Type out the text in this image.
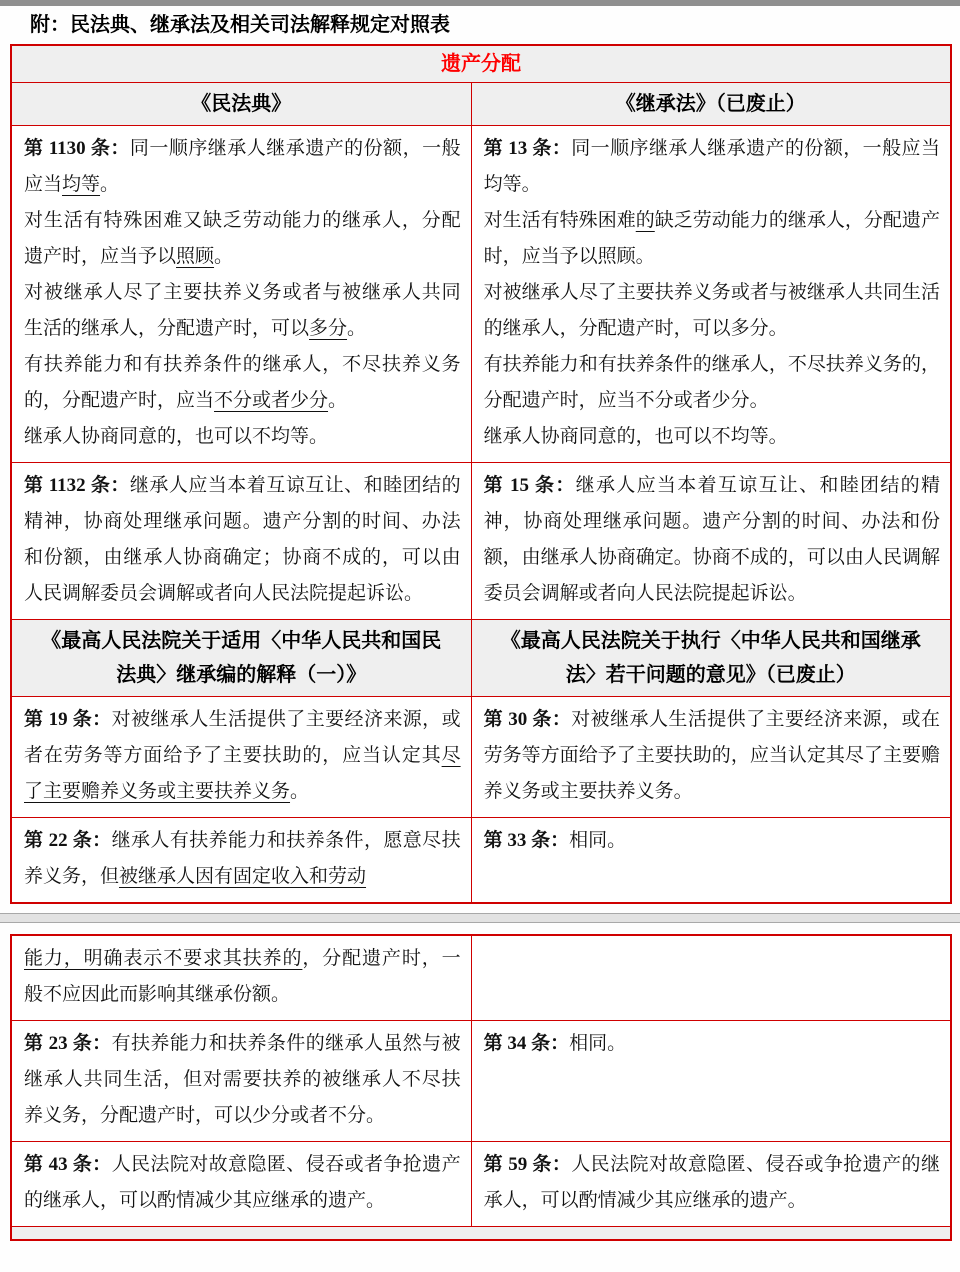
附：民法典、继承法及相关司法解释规定对照表
遗产分配
《民法典》	《继承法》（已废止）

第 1130 条：同一顺序继承人继承遗产的份额，一般应当均等。

对生活有特殊困难又缺乏劳动能力的继承人，分配遗产时，应当予以照顾。

对被继承人尽了主要扶养义务或者与被继承人共同生活的继承人，分配遗产时，可以多分。

有扶养能力和有扶养条件的继承人，不尽扶养义务的，分配遗产时，应当不分或者少分。

继承人协商同意的，也可以不均等。

第 13 条：同一顺序继承人继承遗产的份额，一般应当均等。

对生活有特殊困难的缺乏劳动能力的继承人，分配遗产时，应当予以照顾。

对被继承人尽了主要扶养义务或者与被继承人共同生活的继承人，分配遗产时，可以多分。

有扶养能力和有扶养条件的继承人，不尽扶养义务的，分配遗产时，应当不分或者少分。

继承人协商同意的，也可以不均等。

第 1132 条：继承人应当本着互谅互让、和睦团结的精神，协商处理继承问题。遗产分割的时间、办法和份额，由继承人协商确定；协商不成的，可以由人民调解委员会调解或者向人民法院提起诉讼。

第 15 条：继承人应当本着互谅互让、和睦团结的精神，协商处理继承问题。遗产分割的时间、办法和份额，由继承人协商确定。协商不成的，可以由人民调解委员会调解或者向人民法院提起诉讼。

《最高人民法院关于适用〈中华人民共和国民法典〉继承编的解释（一）》
《最高人民法院关于执行〈中华人民共和国继承法〉若干问题的意见》（已废止）

第 19 条：对被继承人生活提供了主要经济来源，或者在劳务等方面给予了主要扶助的，应当认定其尽了主要赡养义务或主要扶养义务。

第 30 条：对被继承人生活提供了主要经济来源，或在劳务等方面给予了主要扶助的，应当认定其尽了主要赡养义务或主要扶养义务。

第 22 条：继承人有扶养能力和扶养条件，愿意尽扶养义务，但被继承人因有固定收入和劳动

第 33 条：相同。

能力，明确表示不要求其扶养的，分配遗产时，一般不应因此而影响其继承份额。

第 23 条：有扶养能力和扶养条件的继承人虽然与被继承人共同生活，但对需要扶养的被继承人不尽扶养义务，分配遗产时，可以少分或者不分。

第 34 条：相同。

第 43 条：人民法院对故意隐匿、侵吞或者争抢遗产的继承人，可以酌情减少其应继承的遗产。

第 59 条：人民法院对故意隐匿、侵吞或争抢遗产的继承人，可以酌情减少其应继承的遗产。
